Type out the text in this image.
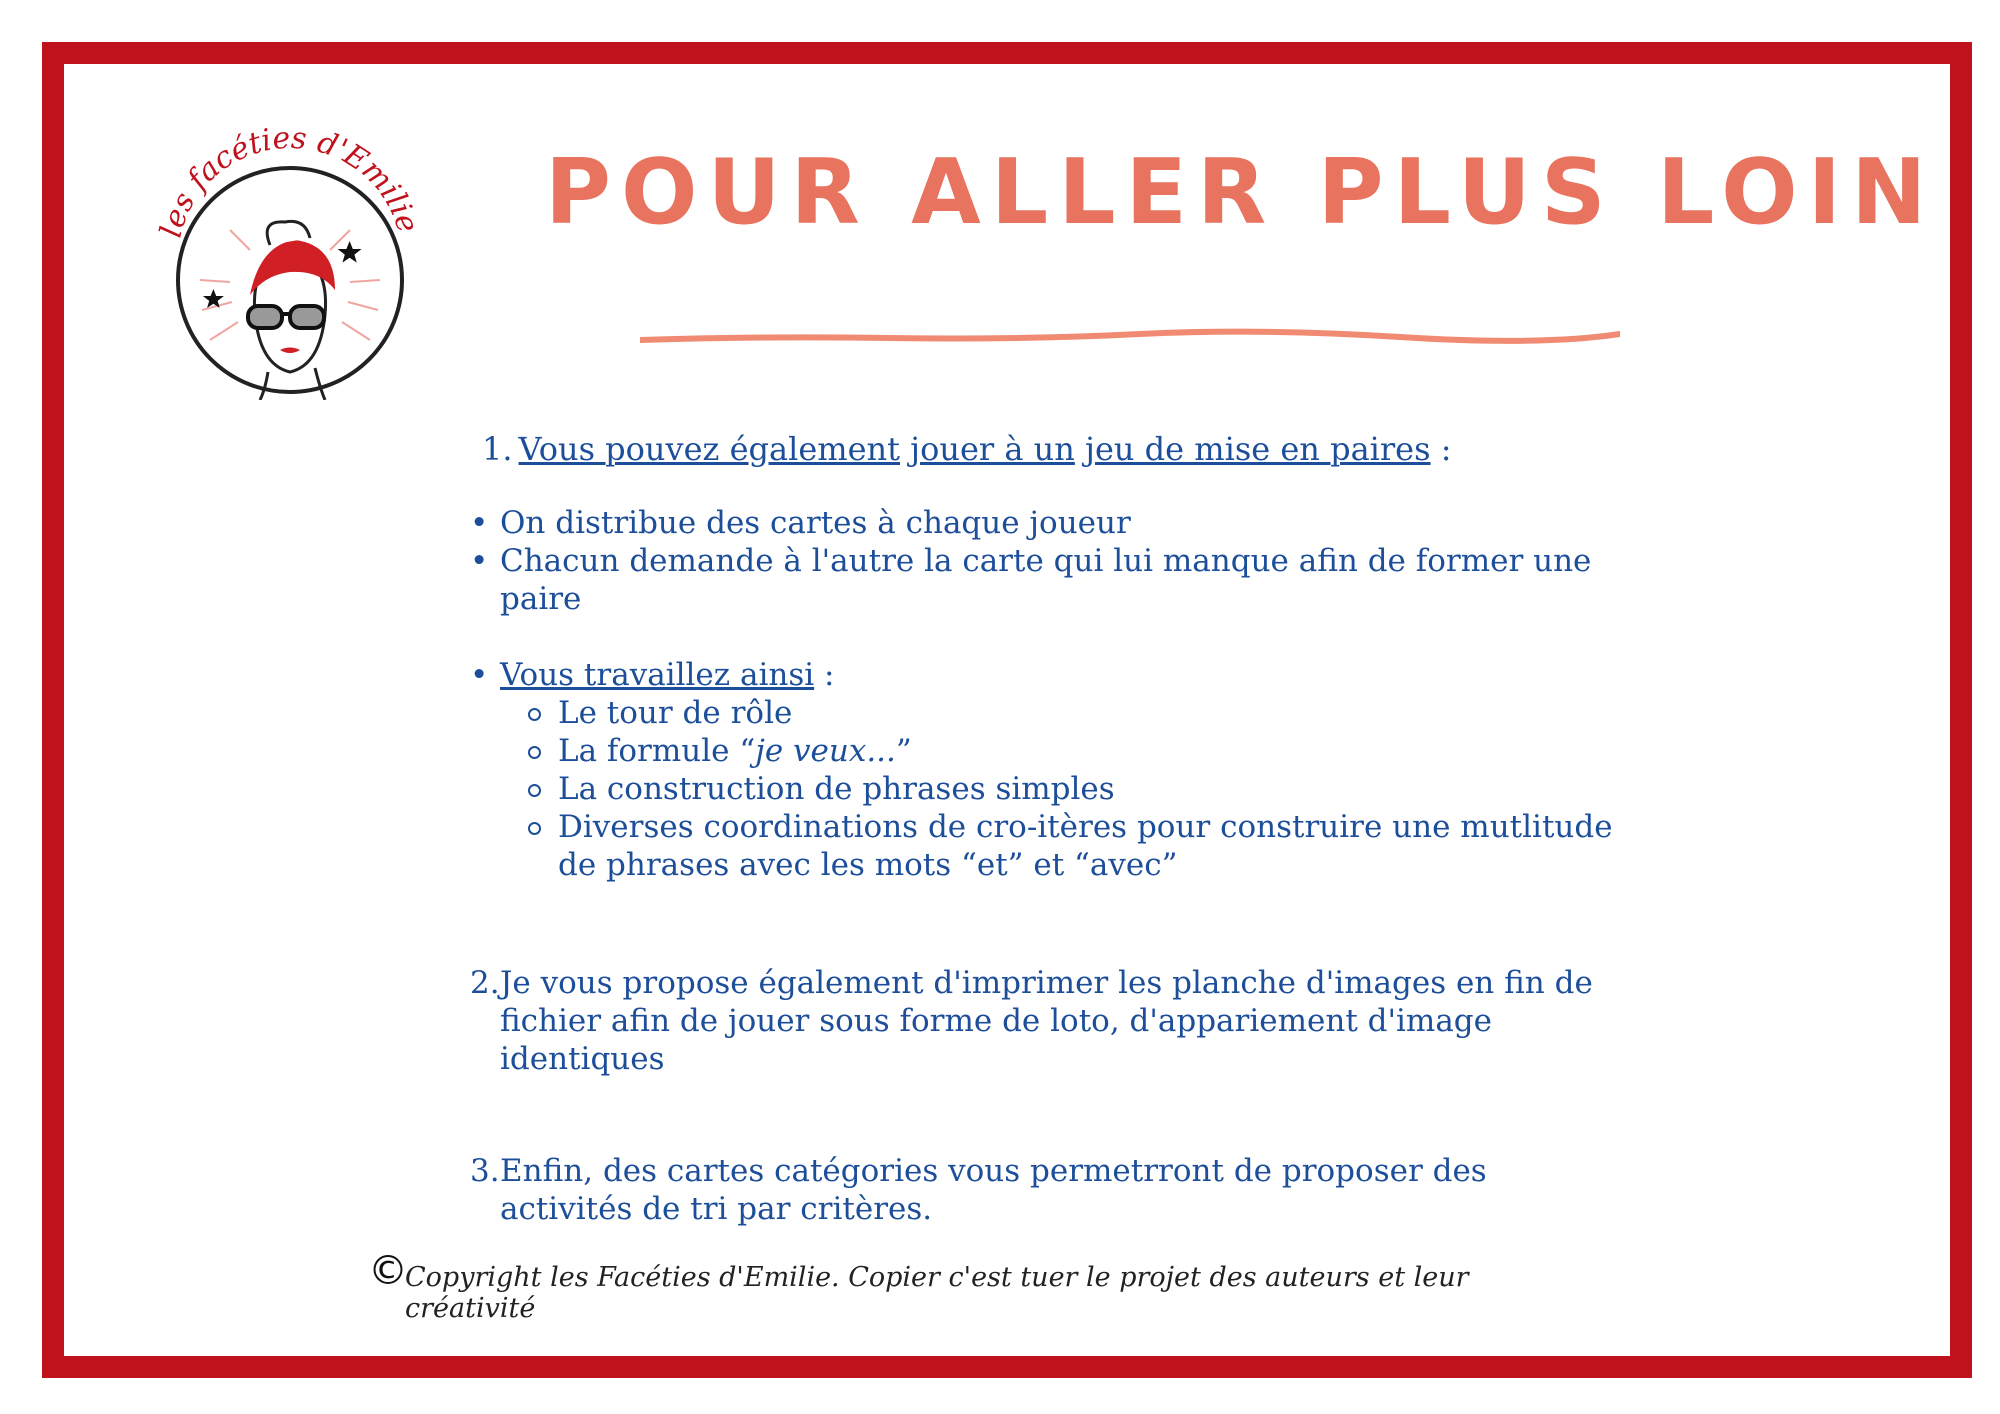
les facéties d'Emilie POUR ALLER PLUS LOIN
1. Vous pouvez également jouer à un jeu de mise en paires :
• On distribue des cartes à chaque joueur
• Chacun demande à l'autre la carte qui lui manque afin de former une paire
• Vous travaillez ainsi :
Le tour de rôle
La formule “je veux...”
La construction de phrases simples
Diverses coordinations de cro-itères pour construire une mutlitude de phrases avec les mots “et” et “avec”
2. Je vous propose également d'imprimer les planche d'images en fin de fichier afin de jouer sous forme de loto, d'appariement d'image identiques
3. Enfin, des cartes catégories vous permetrront de proposer des activités de tri par critères.
©
Copyright les Facéties d'Emilie. Copier c'est tuer le projet des auteurs et leur créativité
